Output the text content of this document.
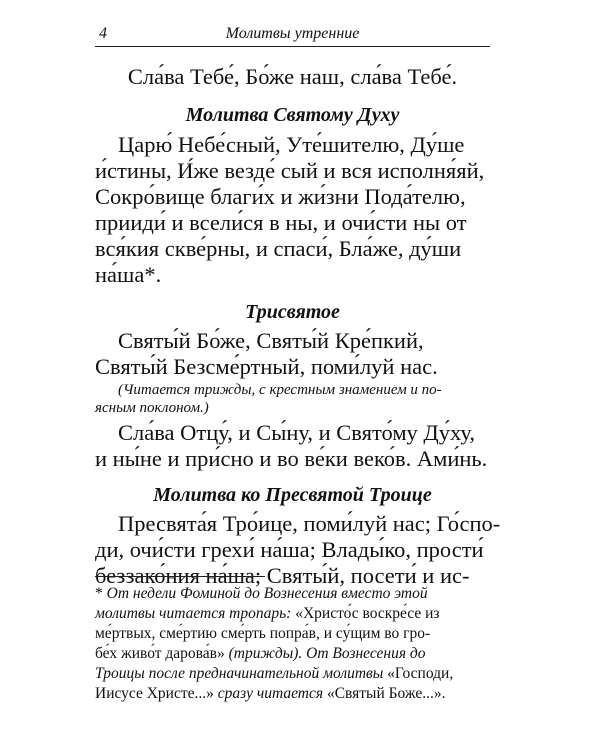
4	Молитвы утренние
Сла́ва Тебе́, Бо́же наш, сла́ва Тебе́.
Молитва Святому Духу
Царю́ Небе́сный, Уте́шителю, Ду́ше
и́стины, И́же везде́ сый и вся исполня́яй,
Сокро́вище благи́х и жи́зни Пода́телю,
прииди́ и всели́ся в ны, и очи́сти ны от
вся́кия скве́рны, и спаси́, Бла́же, ду́ши
на́ша*.
Трисвятое
Святы́й Бо́же, Святы́й Кре́пкий,
Святы́й Безсме́ртный, поми́луй нас.
(Читается трижды, с крестным знамением и по-
ясным поклоном.)
Сла́ва Отцу́, и Сы́ну, и Свято́му Ду́ху,
и ны́не и при́сно и во ве́ки веко́в. Ами́нь.
Молитва ко Пресвятой Троице
Пресвята́я Тро́ице, поми́луй нас; Го́спо-
ди, очи́сти грехи́ на́ша; Влады́ко, прости́
беззако́ния на́ша; Святы́й, посети́ и ис-
* От недели Фоминой до Вознесения вместо этой
молитвы читается тропарь: «Христо́с воскре́се из
ме́ртвых, сме́ртию сме́рть попра́в, и су́щим во гро-
бе́х живо́т дарова́в» (трижды). От Вознесения до
Троицы после предначинательной молитвы «Господи,
Иисусе Христе...» сразу читается «Святый Боже...».
